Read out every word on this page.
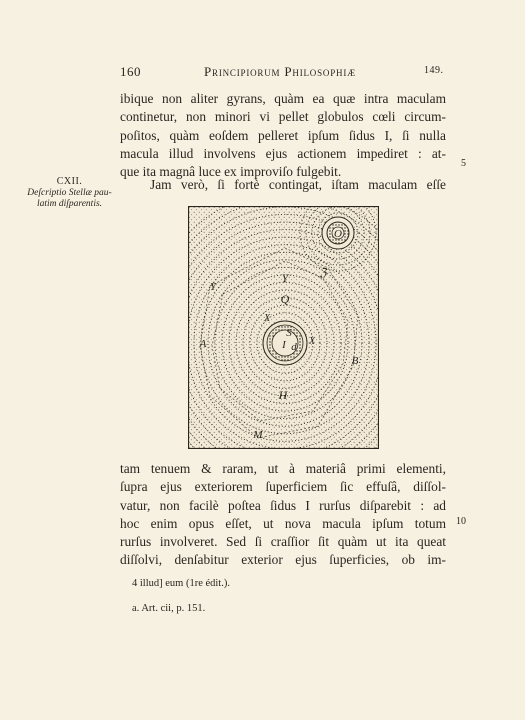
160	Principiorum Philosophiæ	149.
ibique non aliter gyrans, quàm ea quæ intra maculam
continetur, non minori vi pellet globulos cœli circum-
poſitos, quàm eoſdem pelleret ipſum ſidus I, ſi nulla
macula illud involvens ejus actionem impediret : at-
que ita magnâ luce ex improviſo fulgebit.
CXII.
Deſcriptio Stellæ pau-latim diſparentis.
5
Jam verò, ſi fortè contingat, iſtam maculam eſſe
O
Y	ℨ
Q
X
Y
A
B
S
I d
H
M
X
tam tenuem & raram, ut à materiâ primi elementi,
ſupra ejus exteriorem ſuperficiem ſic effuſâ, diſſol-
vatur, non facilè poſtea ſidus I rurſus diſparebit : ad
hoc enim opus eſſet, ut nova macula ipſum totum
rurſus involveret. Sed ſi craſſior ſit quàm ut ita queat
diſſolvi, denſabitur exterior ejus ſuperficies, ob im-
10
4 illud] eum (1re édit.).
a. Art. cii, p. 151.
